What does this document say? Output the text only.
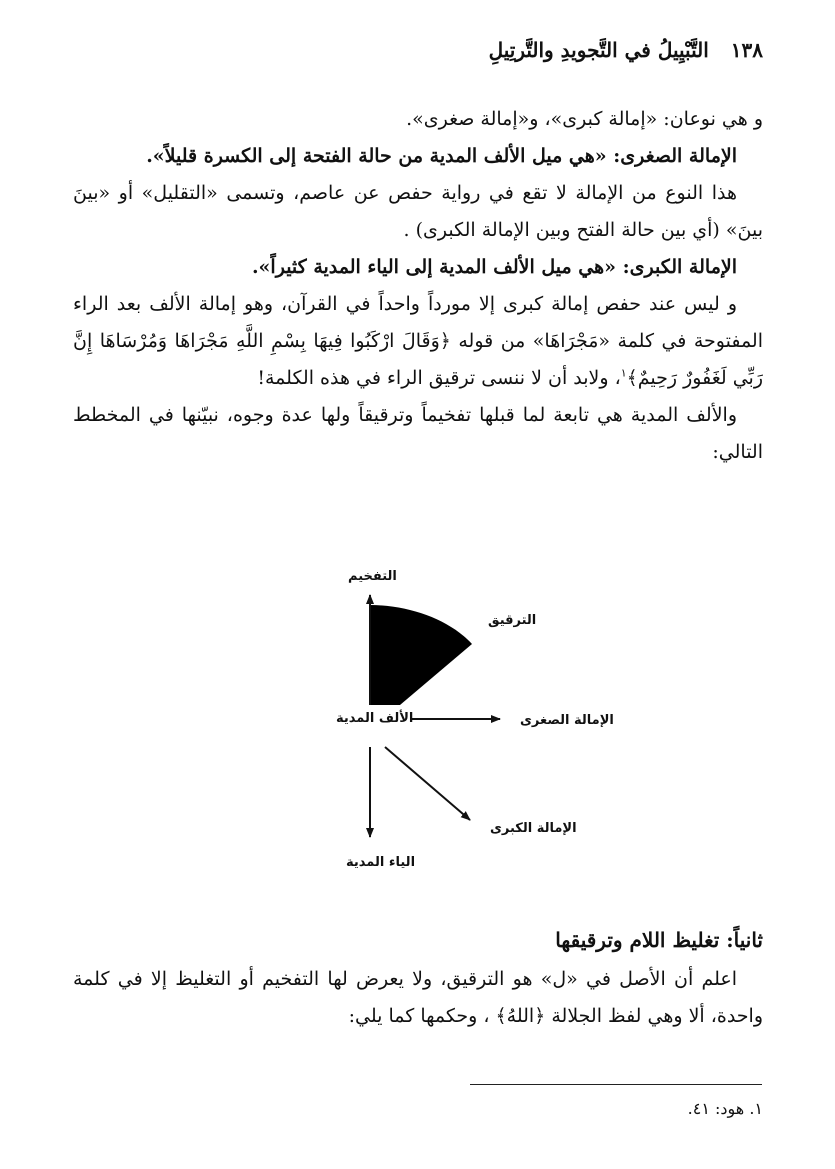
١٣٨التَّبْيِيلُ في التَّجويدِ والتَّرتِيلِ

و هي نوعان: «إمالة كبرى»، و«إمالة صغرى».

الإمالة الصغرى: «هي ميل الألف المدية من حالة الفتحة إلى الكسرة قليلاً».

هذا النوع من الإمالة لا تقع في رواية حفص عن عاصم، وتسمى «التقليل» أو «بينَ بينَ» (أي بين حالة الفتح وبين الإمالة الكبرى) .

الإمالة الكبرى: «هي ميل الألف المدية إلى الياء المدية كثيراً».

و ليس عند حفص إمالة كبرى إلا مورداً واحداً في القرآن، وهو إمالة الألف بعد الراء المفتوحة في كلمة «مَجْرَاهَا» من قوله ﴿وَقَالَ ارْكَبُوا فِيهَا بِسْمِ اللَّهِ مَجْرَاهَا وَمُرْسَاهَا إِنَّ رَبِّي لَغَفُورٌ رَحِيمٌ﴾$^١$، ولابد أن لا ننسى ترقيق الراء في هذه الكلمة!

والألف المدية هي تابعة لما قبلها تفخيماً وترقيقاً ولها عدة وجوه، نبيّنها في المخطط التالي:

التفخيم
الترقيق
الألف المدية	الإمالة الصغرى
الإمالة الكبرى
الياء المدية

ثانياً: تغليظ اللام وترقيقها

اعلم أن الأصل في «ل» هو الترقيق، ولا يعرض لها التفخيم أو التغليظ إلا في كلمة واحدة، ألا وهي لفظ الجلالة ﴿اللهُ﴾ ، وحكمها كما يلي:

١. هود: ٤١.
